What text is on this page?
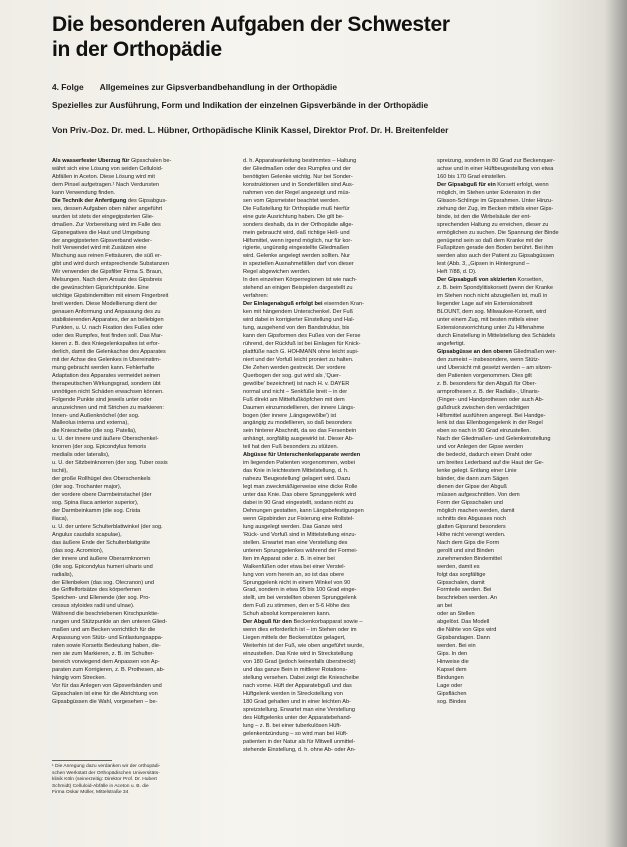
Die besonderen Aufgaben der Schwester
in der Orthopädie
4. Folge Allgemeines zur Gipsverbandbehandlung in der Orthopädie
Spezielles zur Ausführung, Form und Indikation der einzelnen Gipsverbände in der Orthopädie
Von Priv.-Doz. Dr. med. L. Hübner, Orthopädische Klinik Kassel, Direktor Prof. Dr. H. Breitenfelder

Als wasserfester Überzug für Gipsschalen be-

währt sich eine Lösung von seiden Celluloid-

Abfällen in Aceton. Diese Lösung wird mit

dem Pinsel aufgetragen.¹ Nach Verdunsten

kann Verwendung finden.

Die Technik der Anfertigung des Gipsabgus-

ses, dessen Aufgaben oben näher angeführt

wurden ist stets der eingegipsterten Glie-

dmaßen. Zur Vorbereitung wird im Falle des

Gipsnegatives die Haut und Umgebung

der angegipsterten Gipsverband wieder-

holt Verwendet wird mit Zusätzen eine

Mischung aus reinen Fettsäuren, die süß er-

gibt und wird durch entsprechende Substanzen

Wir verwenden die Gipsfilter Firma S. Braun,

Melsungen. Nach dem Ansatz des Gipsbreis

die gewünschten Gipsrichtpunkte. Eine

wichtige Gipsbindemitten mit einem Fingerbreit

breit werden. Diese Modellierung dient der

genauen Anformung und Anpassung des zu

stabilisierenden Apparates, der an beliebigen

Punkten, u. U. nach Fixation des Fußes oder

oder des Rumpfes, fest finden soll. Das Mar-

kieren z. B. des Kniegelenkspaltes ist erfor-

derlich, damit die Gelenkachse des Apparates

mit der Achse des Gelenkes in Übereinstim-

mung gebracht werden kann. Fehlerhafte

Adaptation des Apparates vermeidet seinen

therapeutischen Wirkungsgrad, sondern übt

unnötigen nicht Schäden erwachsen können.

Folgende Punkte sind jeweils unter oder

anzuzeichnen und mit Strichen zu markieren:

Innen- und Außenknöchel (der sog.

Malleolus interna und externa),

die Kniescheibe (die sog. Patella),

u. U. der innere und äußere Oberschenkel-

knorren (der sog. Epicondylus femoris

medialis oder lateralis),

u. U. der Sitzbeinknorren (der sog. Tuber ossis

ischii),

der große Rollhügel des Oberschenkels

(der sog. Trochanter major),

der vordere obere Darmbeinstachel (der

sog. Spina iliaca anterior superior),

der Darmbeinkamm (die sog. Crista

iliaca),

u. U. der untere Schulterblattwinkel (der sog.

Angulus caudalis scapulae),

das äußere Ende der Schulterblattgräte

(das sog. Acromion),

der innere und äußere Oberarmknorren

(die sog. Epicondylus humeri ulnaris und

radialis),

der Ellenbeken (das sog. Olecranon) und

die Griffelfortsätze des körperfernen

Speichen- und Ellenende (der sog. Pro-

cessus styloides radii und ulnae).

Während die beschriebenen Kirschpunktie-

rungen und Stützpunkte an den unteren Glied-

maßen und am Becken vorrichtlich für die

Anpassung von Stütz- und Entlastungsappa-

raten sowie Korsetts Bedeutung haben, die-

nen sie zum Markieren, z. B. im Schulter-

bereich vorwiegend dem Anpassen von Ap-

paraten zum Korrigieren, z. B. Prothesen, ab-

hängig vom Strecken.

Vor für das Anlegen von Gipsverbänden und

Gipsschalen ist eine für die Abrichtung von

Gipsabgüssen die Wahl, vorgesehen – be-

d. h. Apparateanleitung bestimmtes – Haltung

der Gliedmaßen oder des Rumpfes und der

benötigten Gelenke wichtig. Nur bei Sonder-

konstruktionen und in Sonderfällen sind Aus-

nahmen von der Regel angezeigt und müs-

sen vom Gipsmeister beachtet werden.

Die Fußstellung für Orthopädie muß hierfür

eine gute Ausrichtung haben. Die gilt be-

sonders deshalb, da in der Orthopädie allge-

mein gebraucht wird, daß richtige Hell- und

Hilfsmittel, wenn irgend möglich, nur für kor-

rigierte, ungünstig eingestellte Gliedmaßen

wird. Gelenke angelegt werden sollten. Nur

in speziellen Ausnahmefällen darf von dieser

Regel abgewichen werden.

In den einzelnen Körperregionen ist wie nach-

stehend an einigen Beispielen dargestellt zu

verfahren:

Der Einlagenabguß erfolgt bei eisernden Kran-

ken mit hängendem Unterschenkel. Der Fuß

wird dabei in korrigierter Einstellung und Hal-

tung, ausgehend von den Bandstruktur, bis

kann den Gipsformen des Fußes von der Ferse

rührend, der Rückfuß ist bei Einlagen für Knick-

plattfüße nach G. HOHMANN ohne leicht supi-

niert und der Vorfuß leicht proniert zu halten.

Die Zehen werden gestreckt. Der vordere

Querbogen der sog. gut wird als ‚'Quer-

gewölbe' bezeichnet) ist nach H. v. DAYER

normal und nicht – Senkfüße breit – in der

Fuß direkt am Mittelfußköpfchen mit dem

Daumen einzumodellieren, der innere Längs-

bogen (der innere ‚Längsgewölbe') ist

angängig zu modellieren, so daß besonders

sein hinterer Abschnitt, da wo das Fersenbein

anhängt, sorgfältig ausgewirkt ist. Dieser Ab-

teil hat den Fuß besonders zu stützen.

Abgüsse für Unterschenkelapparate werden

im liegenden Patienten vorgenommen, wobei

das Knie in leichtestem Mittelstellung, d. h.

nahezu 'Beugestellung' gelagert wird. Dazu

legt man zweckmäßigerweise eine dicke Rolle

unter das Knie. Das obere Sprunggelenk wird

dabei in 90 Grad eingestellt, sodann nicht zu

Dehnungen gestatten, kann Längsbefestigungen

wenn Gipsbinden zur Fixierung eine Rollstel-

lung ausgelegt werden. Das Ganze wird

'Rück- und Vorfuß sind in Mittelstellung einzu-

stellen. Erwartet man eine Verstellung des

unteren Sprunggelenkes während der Formei-

lten im Apparat oder z. B. in einer bei

Walkenfüßen oder etwa bei einer Verstel-

lung von vorn herein an, so ist das obere

Sprunggelenk nicht in einem Winkel von 90

Grad, sondern in etwa 95 bis 100 Grad einge-

stellt, um bei verstellten oberen Sprunggelenk

dem Fuß zu stimmen, den er 5-6 Höhe des

Schuh absolut kompensieren kann.

Der Abguß für den Beckenkorbapparat sowie –

wenn dies erforderlich ist – im Stehen oder im

Liegen mittels der Beckenstütze gelagert,

Weiterhin ist der Fuß, wie oben angeführt wurde,

einzustellen. Das Knie wird in Streckstellung

von 180 Grad (jedoch keinesfalls überstreckt)

und das ganze Bein in mittlerer Rotations-

stellung versehen. Dabei zeigt die Kniescheibe

nach vorne. Hüft der Apparatebguß und das

Hüftgelenk werden in Streckstellung von

180 Grad gehalten und in einer leichten Ab-

spreizstellung. Erwartet man eine Verstellung

des Hüftgelenks unter der Apparatebehand-

lung – z. B. bei einer tuberkulösen Hüft-

gelenkentzündung – so wird man bei Hüft-

patienten in der Natur als für Mitwell unmittel-

stehende Einstellung, d. h. ohne Ab- oder An-

spreizung, sondern in 80 Grad zur Beckenquer-

achse und in einer Hüftbeugestellung von etwa

160 bis 170 Grad einstellen.

Der Gipsabguß für ein Korsett erfolgt, wenn

möglich, im Stehen unter Extension in der

Glisson-Schlinge im Gipsrahmen. Unter Hinzu-

ziehung der Zug, im Becken mittels einer Gips-

binde, ist den die Wirbelsäule der ent-

sprechenden Haltung zu erreichen, dieser zu

ermöglichen zu suchen. Die Spannung der Binde

genügend sein so daß dem Kranke mit der

Fußspitzen gerade den Boden berührt. Bei ihm

werden also auch der Patient zu Gipsabgüssen

lest (Abb. 3, „Gipsen in Hintergrund –

Heft 7/88, d. D).

Der Gipsabguß von skizierten Korsetten,

z. B. beim Spondylitiskorsett (wenn der Kranke

im Stehen noch nicht abzugießen ist, muß in

liegender Lage auf ein Extensionsbrett

BLOUNT, dem sog. Milwaukee-Korsett, wird

unter einem Zug, mit besten mittels einer

Extensionsvorrichtung unter Zu Hilfenahme

durch Einstellung in Mittelstellung des Schädels

angefertigt.

Gipsabgüsse an den oberen Gliedmaßen wer-

den zumeist – insbesondere, wenn Stütz-

und Übersicht mit gesetzt werden – am sitzen-

den Patienten vorgenommen. Dies gilt

z. B. besonders für den Abguß für Ober-

armprothesen z. B. der Radialis-, Ulnaris-

(Finger- und Handprothesen oder auch Ab-

gußdruck zwischen den verdachtigen

Hilfsmittel ausführen angeregt. Bei Handge-

lenk ist das Ellenbogengelenk in der Regel

eben so nach in 90 Grad einzustellen.

Nach der Gliedmaßen- und Gelenkeinstellung

und vor Anlegen der Gipse werden

die bedeckt, dadurch einen Draht oder

um breites Lederband auf die Haut der Ge-

lenke gelegt. Entlang einer Linie

bänder, die dann zum Sägen

dienen der Gipse der Abguß

müssen aufgeschnitten. Von dem

Form der Gipsschalen und

möglich machen werden, damit

schnitts des Abgusses noch

glatten Gipsrand besonders

Höhe nicht verengt werden.

Nach dem Gips die Form

gerollt und sind Binden

zunehmenden Bindemittel

werden, damit es

folgt das sorgfältige

Gipsschalen, damit

Formteile werden. Bei

beschrieben werden. An

an bei

oder an Stellen

abgelöst. Das Modell

die Nähte von Gips wird

Gipsbandagen. Dann

werden. Bei ein

Gips. In den

Hinweise die

Kapsel dem

Bindungen

Lage oder

Gipsflächen

sog. Bindes

¹ Die Anregung dazu verdanken wir der orthopädi-

schen Werkstatt der Orthopädischen Universitäts-

klinik Köln (seinerzeitig: Direktor Prof. Dr. Hubert

Schmidt) Celluloid-Abfälle in Aceton u. B. die

Firma Oskar Müller, Mittelstraße 34
